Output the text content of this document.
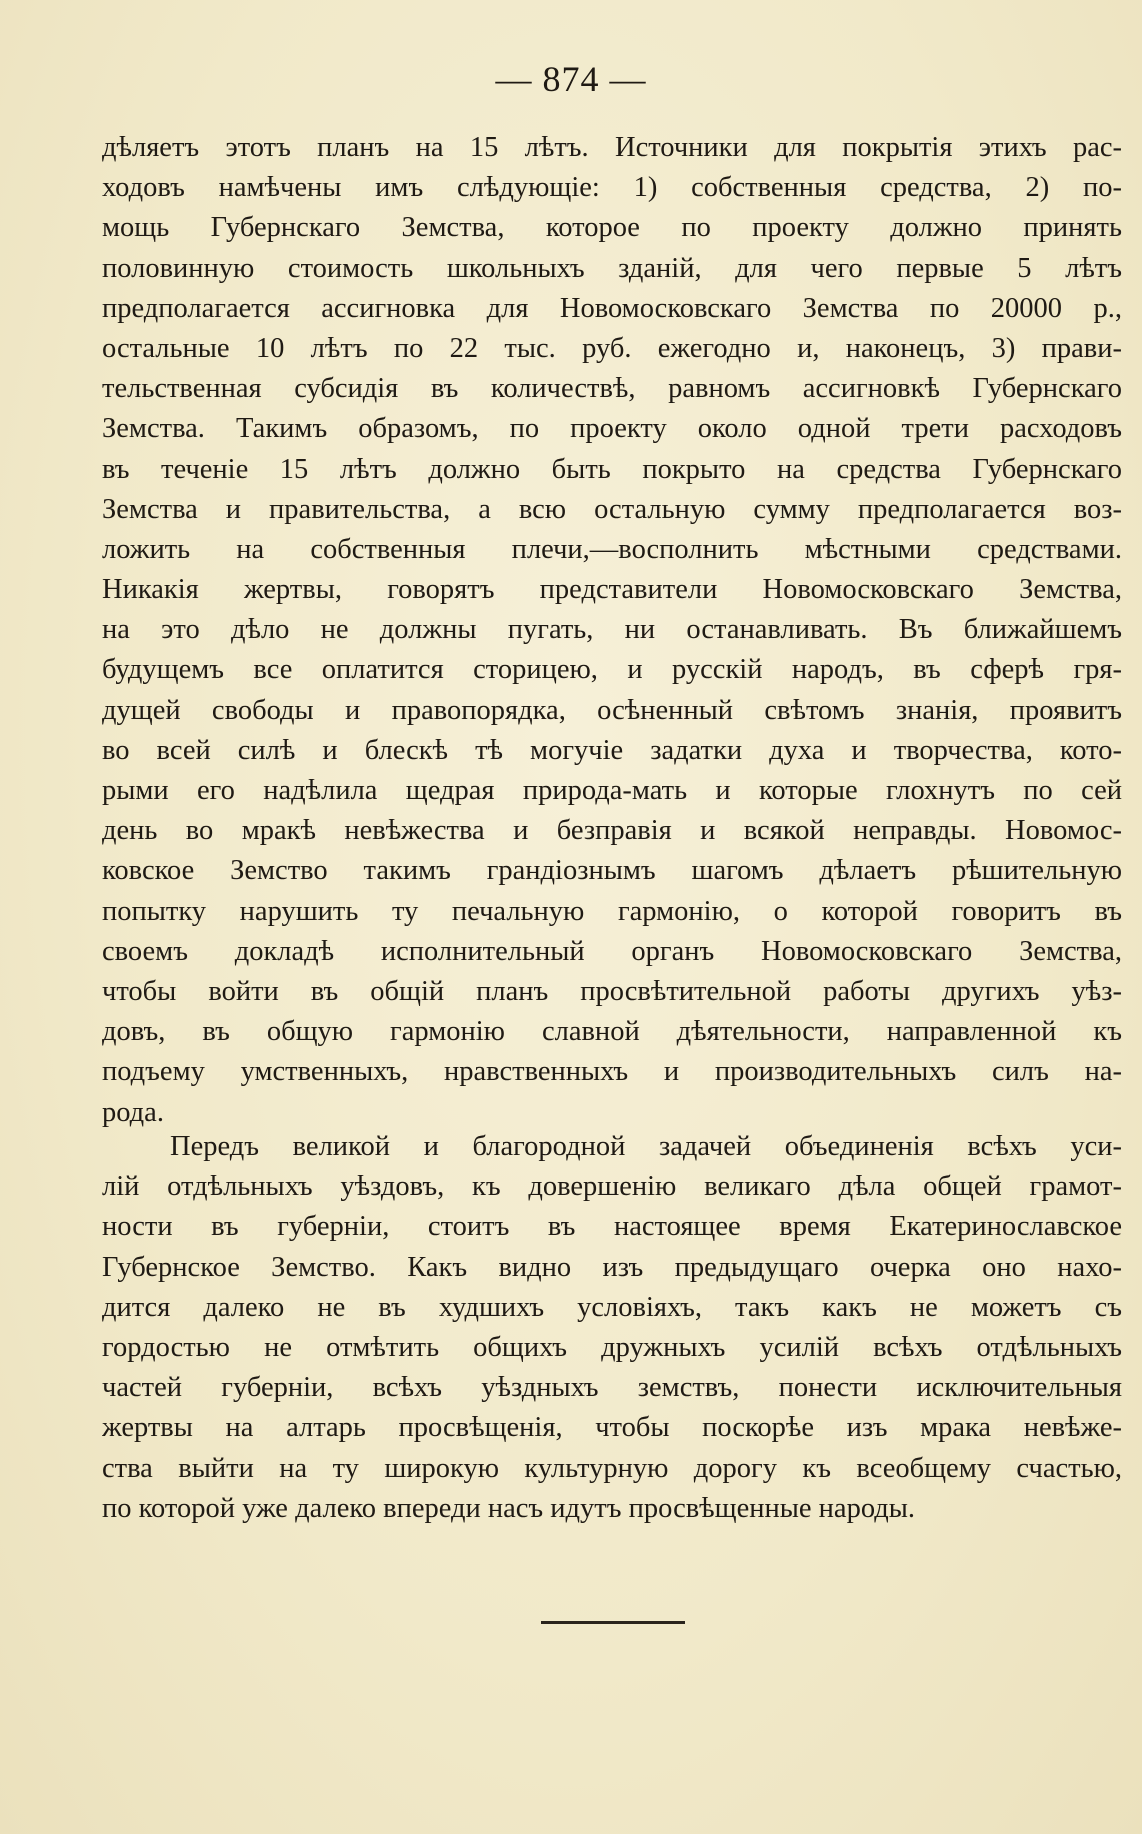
— 874 —
дѣляетъ этотъ планъ на 15 лѣтъ. Источники для покрытія этихъ рас-
ходовъ намѣчены имъ слѣдующіе: 1) собственныя средства, 2) по-
мощь Губернскаго Земства, которое по проекту должно принять
половинную стоимость школьныхъ зданій, для чего первые 5 лѣтъ
предполагается ассигновка для Новомосковскаго Земства по 20000 р.,
остальные 10 лѣтъ по 22 тыс. руб. ежегодно и, наконецъ, 3) прави-
тельственная субсидія въ количествѣ, равномъ ассигновкѣ Губернскаго
Земства. Такимъ образомъ, по проекту около одной трети расходовъ
въ теченіе 15 лѣтъ должно быть покрыто на средства Губернскаго
Земства и правительства, а всю остальную сумму предполагается воз-
ложить на собственныя плечи,—восполнить мѣстными средствами.
Никакія жертвы, говорятъ представители Новомосковскаго Земства,
на это дѣло не должны пугать, ни останавливать. Въ ближайшемъ
будущемъ все оплатится сторицею, и русскій народъ, въ сферѣ гря-
дущей свободы и правопорядка, осѣненный свѣтомъ знанія, проявитъ
во всей силѣ и блескѣ тѣ могучіе задатки духа и творчества, кото-
рыми его надѣлила щедрая природа-мать и которые глохнутъ по сей
день во мракѣ невѣжества и безправія и всякой неправды. Новомос-
ковское Земство такимъ грандіознымъ шагомъ дѣлаетъ рѣшительную
попытку нарушить ту печальную гармонію, о которой говоритъ въ
своемъ докладѣ исполнительный органъ Новомосковскаго Земства,
чтобы войти въ общій планъ просвѣтительной работы другихъ уѣз-
довъ, въ общую гармонію славной дѣятельности, направленной къ
подъему умственныхъ, нравственныхъ и производительныхъ силъ на-
рода.
Передъ великой и благородной задачей объединенія всѣхъ уси-
лій отдѣльныхъ уѣздовъ, къ довершенію великаго дѣла общей грамот-
ности въ губерніи, стоитъ въ настоящее время Екатеринославское
Губернское Земство. Какъ видно изъ предыдущаго очерка оно нахо-
дится далеко не въ худшихъ условіяхъ, такъ какъ не можетъ съ
гордостью не отмѣтить общихъ дружныхъ усилій всѣхъ отдѣльныхъ
частей губерніи, всѣхъ уѣздныхъ земствъ, понести исключительныя
жертвы на алтарь просвѣщенія, чтобы поскорѣе изъ мрака невѣже-
ства выйти на ту широкую культурную дорогу къ всеобщему счастью,
по которой уже далеко впереди насъ идутъ просвѣщенные народы.
